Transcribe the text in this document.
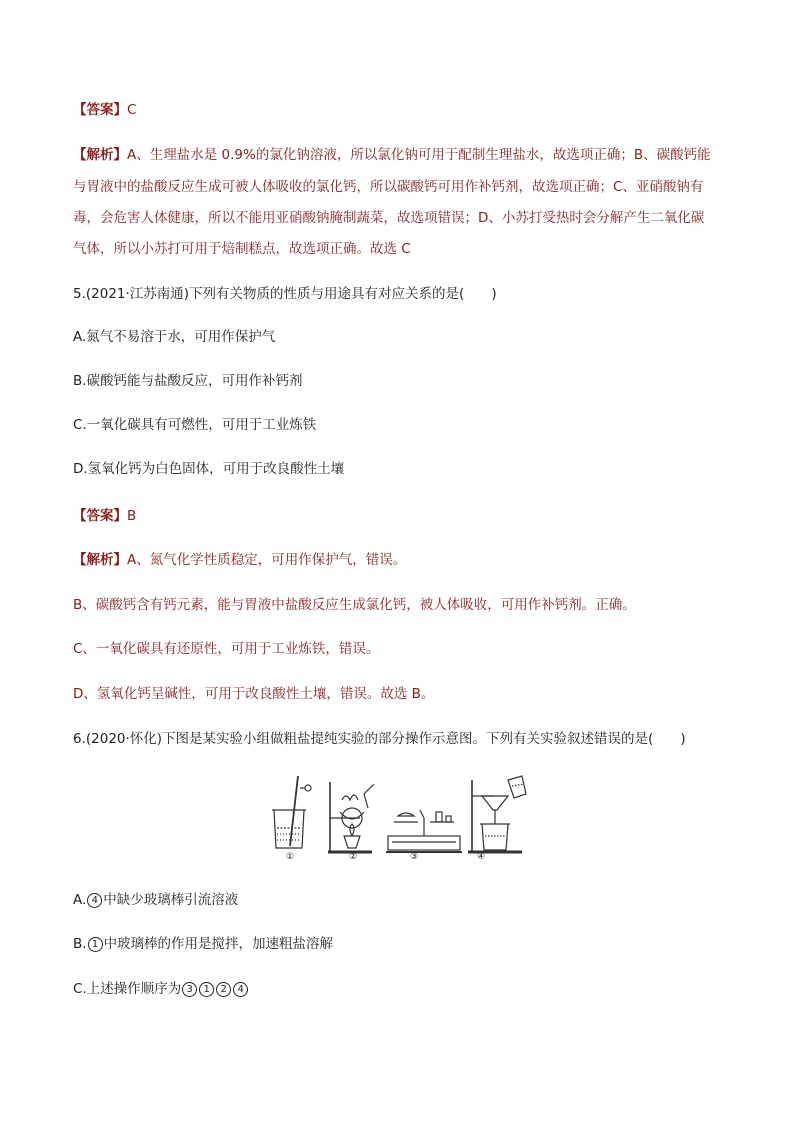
【答案】C
【解析】A、生理盐水是 0.9%的氯化钠溶液，所以氯化钠可用于配制生理盐水，故选项正确；B、碳酸钙能
与胃液中的盐酸反应生成可被人体吸收的氯化钙，所以碳酸钙可用作补钙剂，故选项正确；C、亚硝酸钠有
毒，会危害人体健康，所以不能用亚硝酸钠腌制蔬菜，故选项错误；D、小苏打受热时会分解产生二氧化碳
气体，所以小苏打可用于焙制糕点，故选项正确。故选 C
5.(2021·江苏南通)下列有关物质的性质与用途具有对应关系的是(　　)
A.氮气不易溶于水，可用作保护气
B.碳酸钙能与盐酸反应，可用作补钙剂
C.一氧化碳具有可燃性，可用于工业炼铁
D.氢氧化钙为白色固体，可用于改良酸性土壤
【答案】B
【解析】A、氮气化学性质稳定，可用作保护气，错误。
B、碳酸钙含有钙元素，能与胃液中盐酸反应生成氯化钙，被人体吸收，可用作补钙剂。正确。
C、一氧化碳具有还原性，可用于工业炼铁，错误。
D、氢氧化钙呈碱性，可用于改良酸性土壤，错误。故选 B。
6.(2020·怀化)下图是某实验小组做粗盐提纯实验的部分操作示意图。下列有关实验叙述错误的是(　　)
①	②	③	④
A. 4 中缺少玻璃棒引流溶液
B. 1 中玻璃棒的作用是搅拌，加速粗盐溶解
C.上述操作顺序为 3 1 2 4
